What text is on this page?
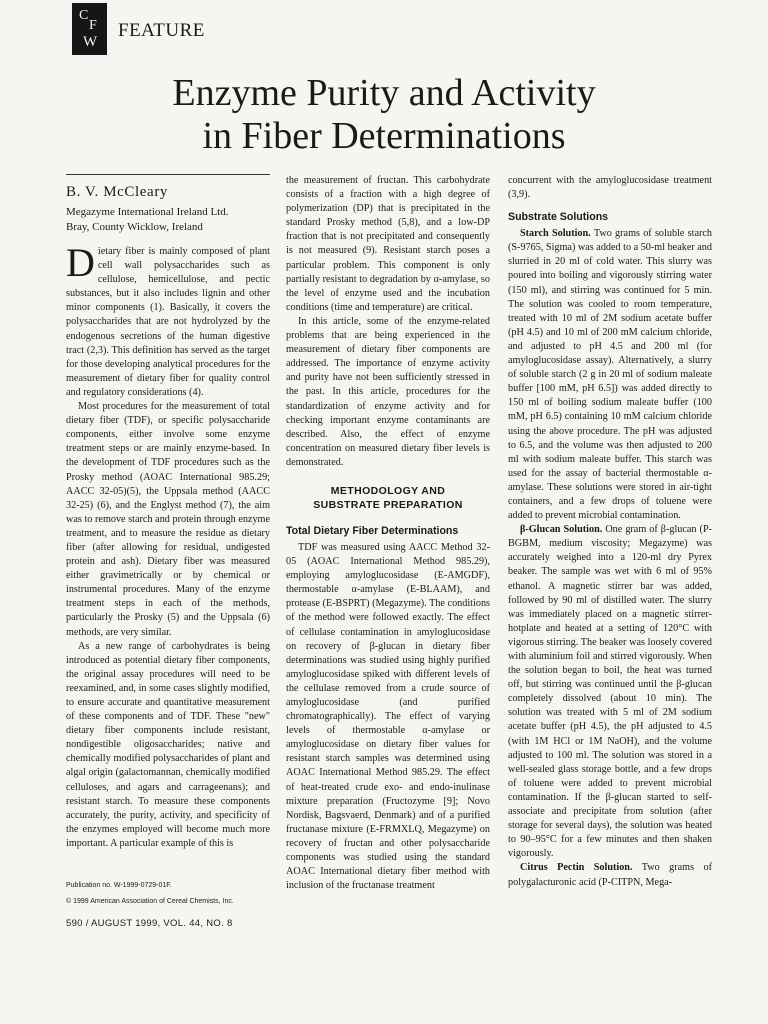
C
F
W
FEATURE
Enzyme Purity and Activity
in Fiber Determinations
B. V. McCleary
Megazyme International Ireland Ltd.
Bray, County Wicklow, Ireland

Dietary fiber is mainly composed of plant cell wall polysaccharides such as cellulose, hemicellulose, and pectic substances, but it also includes lignin and other minor components (1). Basically, it covers the polysaccharides that are not hydrolyzed by the endogenous secretions of the human digestive tract (2,3). This definition has served as the target for those developing analytical procedures for the measurement of dietary fiber for quality control and regulatory considerations (4).

Most procedures for the measurement of total dietary fiber (TDF), or specific polysaccharide components, either involve some enzyme treatment steps or are mainly enzyme-based. In the development of TDF procedures such as the Prosky method (AOAC International 985.29; AACC 32-05)(5), the Uppsala method (AACC 32-25) (6), and the Englyst method (7), the aim was to remove starch and protein through enzyme treatment, and to measure the residue as dietary fiber (after allowing for residual, undigested protein and ash). Dietary fiber was measured either gravimetrically or by chemical or instrumental procedures. Many of the enzyme treatment steps in each of the methods, particularly the Prosky (5) and the Uppsala (6) methods, are very similar.

As a new range of carbohydrates is being introduced as potential dietary fiber components, the original assay procedures will need to be reexamined, and, in some cases slightly modified, to ensure accurate and quantitative measurement of these components and of TDF. These "new" dietary fiber components include resistant, nondigestible oligosaccharides; native and chemically modified polysaccharides of plant and algal origin (galactomannan, chemically modified celluloses, and agars and carrageenans); and resistant starch. To measure these components accurately, the purity, activity, and specificity of the enzymes employed will become much more important. A particular example of this is

the measurement of fructan. This carbohydrate consists of a fraction with a high degree of polymerization (DP) that is precipitated in the standard Prosky method (5,8), and a low-DP fraction that is not precipitated and consequently is not measured (9). Resistant starch poses a particular problem. This component is only partially resistant to degradation by α-amylase, so the level of enzyme used and the incubation conditions (time and temperature) are critical.

In this article, some of the enzyme-related problems that are being experienced in the measurement of dietary fiber components are addressed. The importance of enzyme activity and purity have not been sufficiently stressed in the past. In this article, procedures for the standardization of enzyme activity and for checking important enzyme contaminants are described. Also, the effect of enzyme concentration on measured dietary fiber levels is demonstrated.

METHODOLOGY AND
SUBSTRATE PREPARATION
Total Dietary Fiber Determinations

TDF was measured using AACC Method 32-05 (AOAC International Method 985.29), employing amyloglucosidase (E-AMGDF), thermostable α-amylase (E-BLAAM), and protease (E-BSPRT) (Megazyme). The conditions of the method were followed exactly. The effect of cellulase contamination in amyloglucosidase on recovery of β-glucan in dietary fiber determinations was studied using highly purified amyloglucosidase spiked with different levels of the cellulase removed from a crude source of amyloglucosidase (and purified chromatographically). The effect of varying levels of thermostable α-amylase or amyloglucosidase on dietary fiber values for resistant starch samples was determined using AOAC International Method 985.29. The effect of heat-treated crude exo- and endo-inulinase mixture preparation (Fructozyme [9]; Novo Nordisk, Bagsvaerd, Denmark) and of a purified fructanase mixture (E-FRMXLQ, Megazyme) on recovery of fructan and other polysaccharide components was studied using the standard AOAC International dietary fiber method with inclusion of the fructanase treatment

concurrent with the amyloglucosidase treatment (3,9).

Substrate Solutions

Starch Solution. Two grams of soluble starch (S-9765, Sigma) was added to a 50-ml beaker and slurried in 20 ml of cold water. This slurry was poured into boiling and vigorously stirring water (150 ml), and stirring was continued for 5 min. The solution was cooled to room temperature, treated with 10 ml of 2M sodium acetate buffer (pH 4.5) and 10 ml of 200 mM calcium chloride, and adjusted to pH 4.5 and 200 ml (for amyloglucosidase assay). Alternatively, a slurry of soluble starch (2 g in 20 ml of sodium maleate buffer [100 mM, pH 6.5]) was added directly to 150 ml of boiling sodium maleate buffer (100 mM, pH 6.5) containing 10 mM calcium chloride using the above procedure. The pH was adjusted to 6.5, and the volume was then adjusted to 200 ml with sodium maleate buffer. This starch was used for the assay of bacterial thermostable α-amylase. These solutions were stored in air-tight containers, and a few drops of toluene were added to prevent microbial contamination.

β-Glucan Solution. One gram of β-glucan (P-BGBM, medium viscosity; Megazyme) was accurately weighed into a 120-ml dry Pyrex beaker. The sample was wet with 6 ml of 95% ethanol. A magnetic stirrer bar was added, followed by 90 ml of distilled water. The slurry was immediately placed on a magnetic stirrer-hotplate and heated at a setting of 120°C with vigorous stirring. The beaker was loosely covered with aluminium foil and stirred vigorously. When the solution began to boil, the heat was turned off, but stirring was continued until the β-glucan completely dissolved (about 10 min). The solution was treated with 5 ml of 2M sodium acetate buffer (pH 4.5), the pH adjusted to 4.5 (with 1M HCl or 1M NaOH), and the volume adjusted to 100 ml. The solution was stored in a well-sealed glass storage bottle, and a few drops of toluene were added to prevent microbial contamination. If the β-glucan started to self-associate and precipitate from solution (after storage for several days), the solution was heated to 90–95°C for a few minutes and then shaken vigorously.

Citrus Pectin Solution. Two grams of polygalacturonic acid (P-CITPN, Mega-

Publication no. W-1999-0729-01F.
© 1999 American Association of Cereal Chemists, Inc.
590 / AUGUST 1999, VOL. 44, NO. 8
